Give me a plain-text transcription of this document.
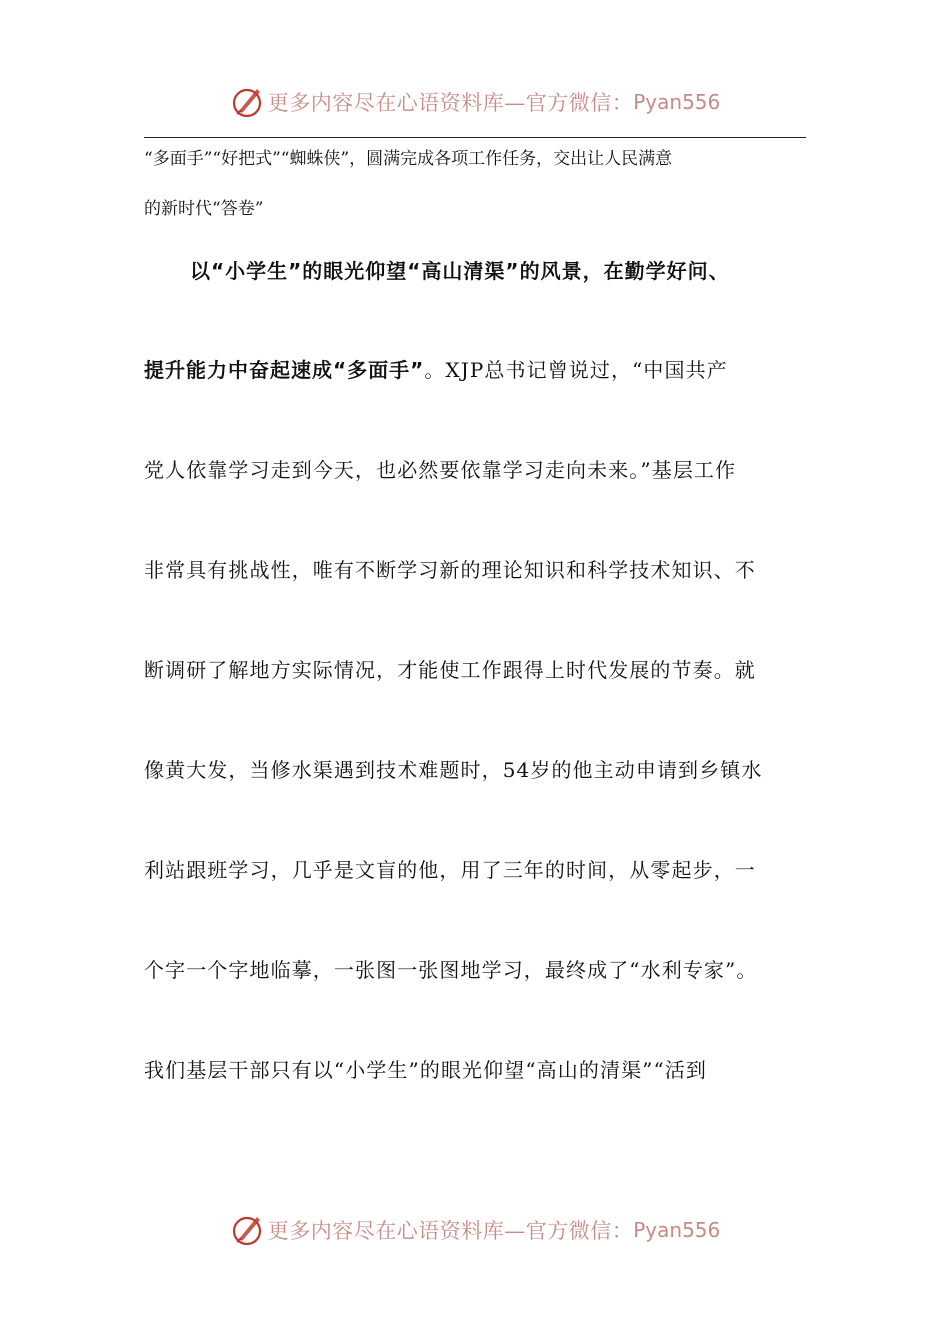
更多内容尽在心语资料库—官方微信： Pyan556
“多面手”“好把式”“蜘蛛侠”，圆满完成各项工作任务，交出让人民满意
的新时代“答卷”
以“小学生”的眼光仰望“高山清渠”的风景，在勤学好问、
提升能力中奋起速成“多面手”。XJP总书记曾说过，“中国共产
党人依靠学习走到今天，也必然要依靠学习走向未来。”基层工作
非常具有挑战性，唯有不断学习新的理论知识和科学技术知识、不
断调研了解地方实际情况，才能使工作跟得上时代发展的节奏。就
像黄大发，当修水渠遇到技术难题时，54岁的他主动申请到乡镇水
利站跟班学习，几乎是文盲的他，用了三年的时间，从零起步，一
个字一个字地临摹，一张图一张图地学习，最终成了“水利专家”。
我们基层干部只有以“小学生”的眼光仰望“高山的清渠”“活到
更多内容尽在心语资料库—官方微信： Pyan556
